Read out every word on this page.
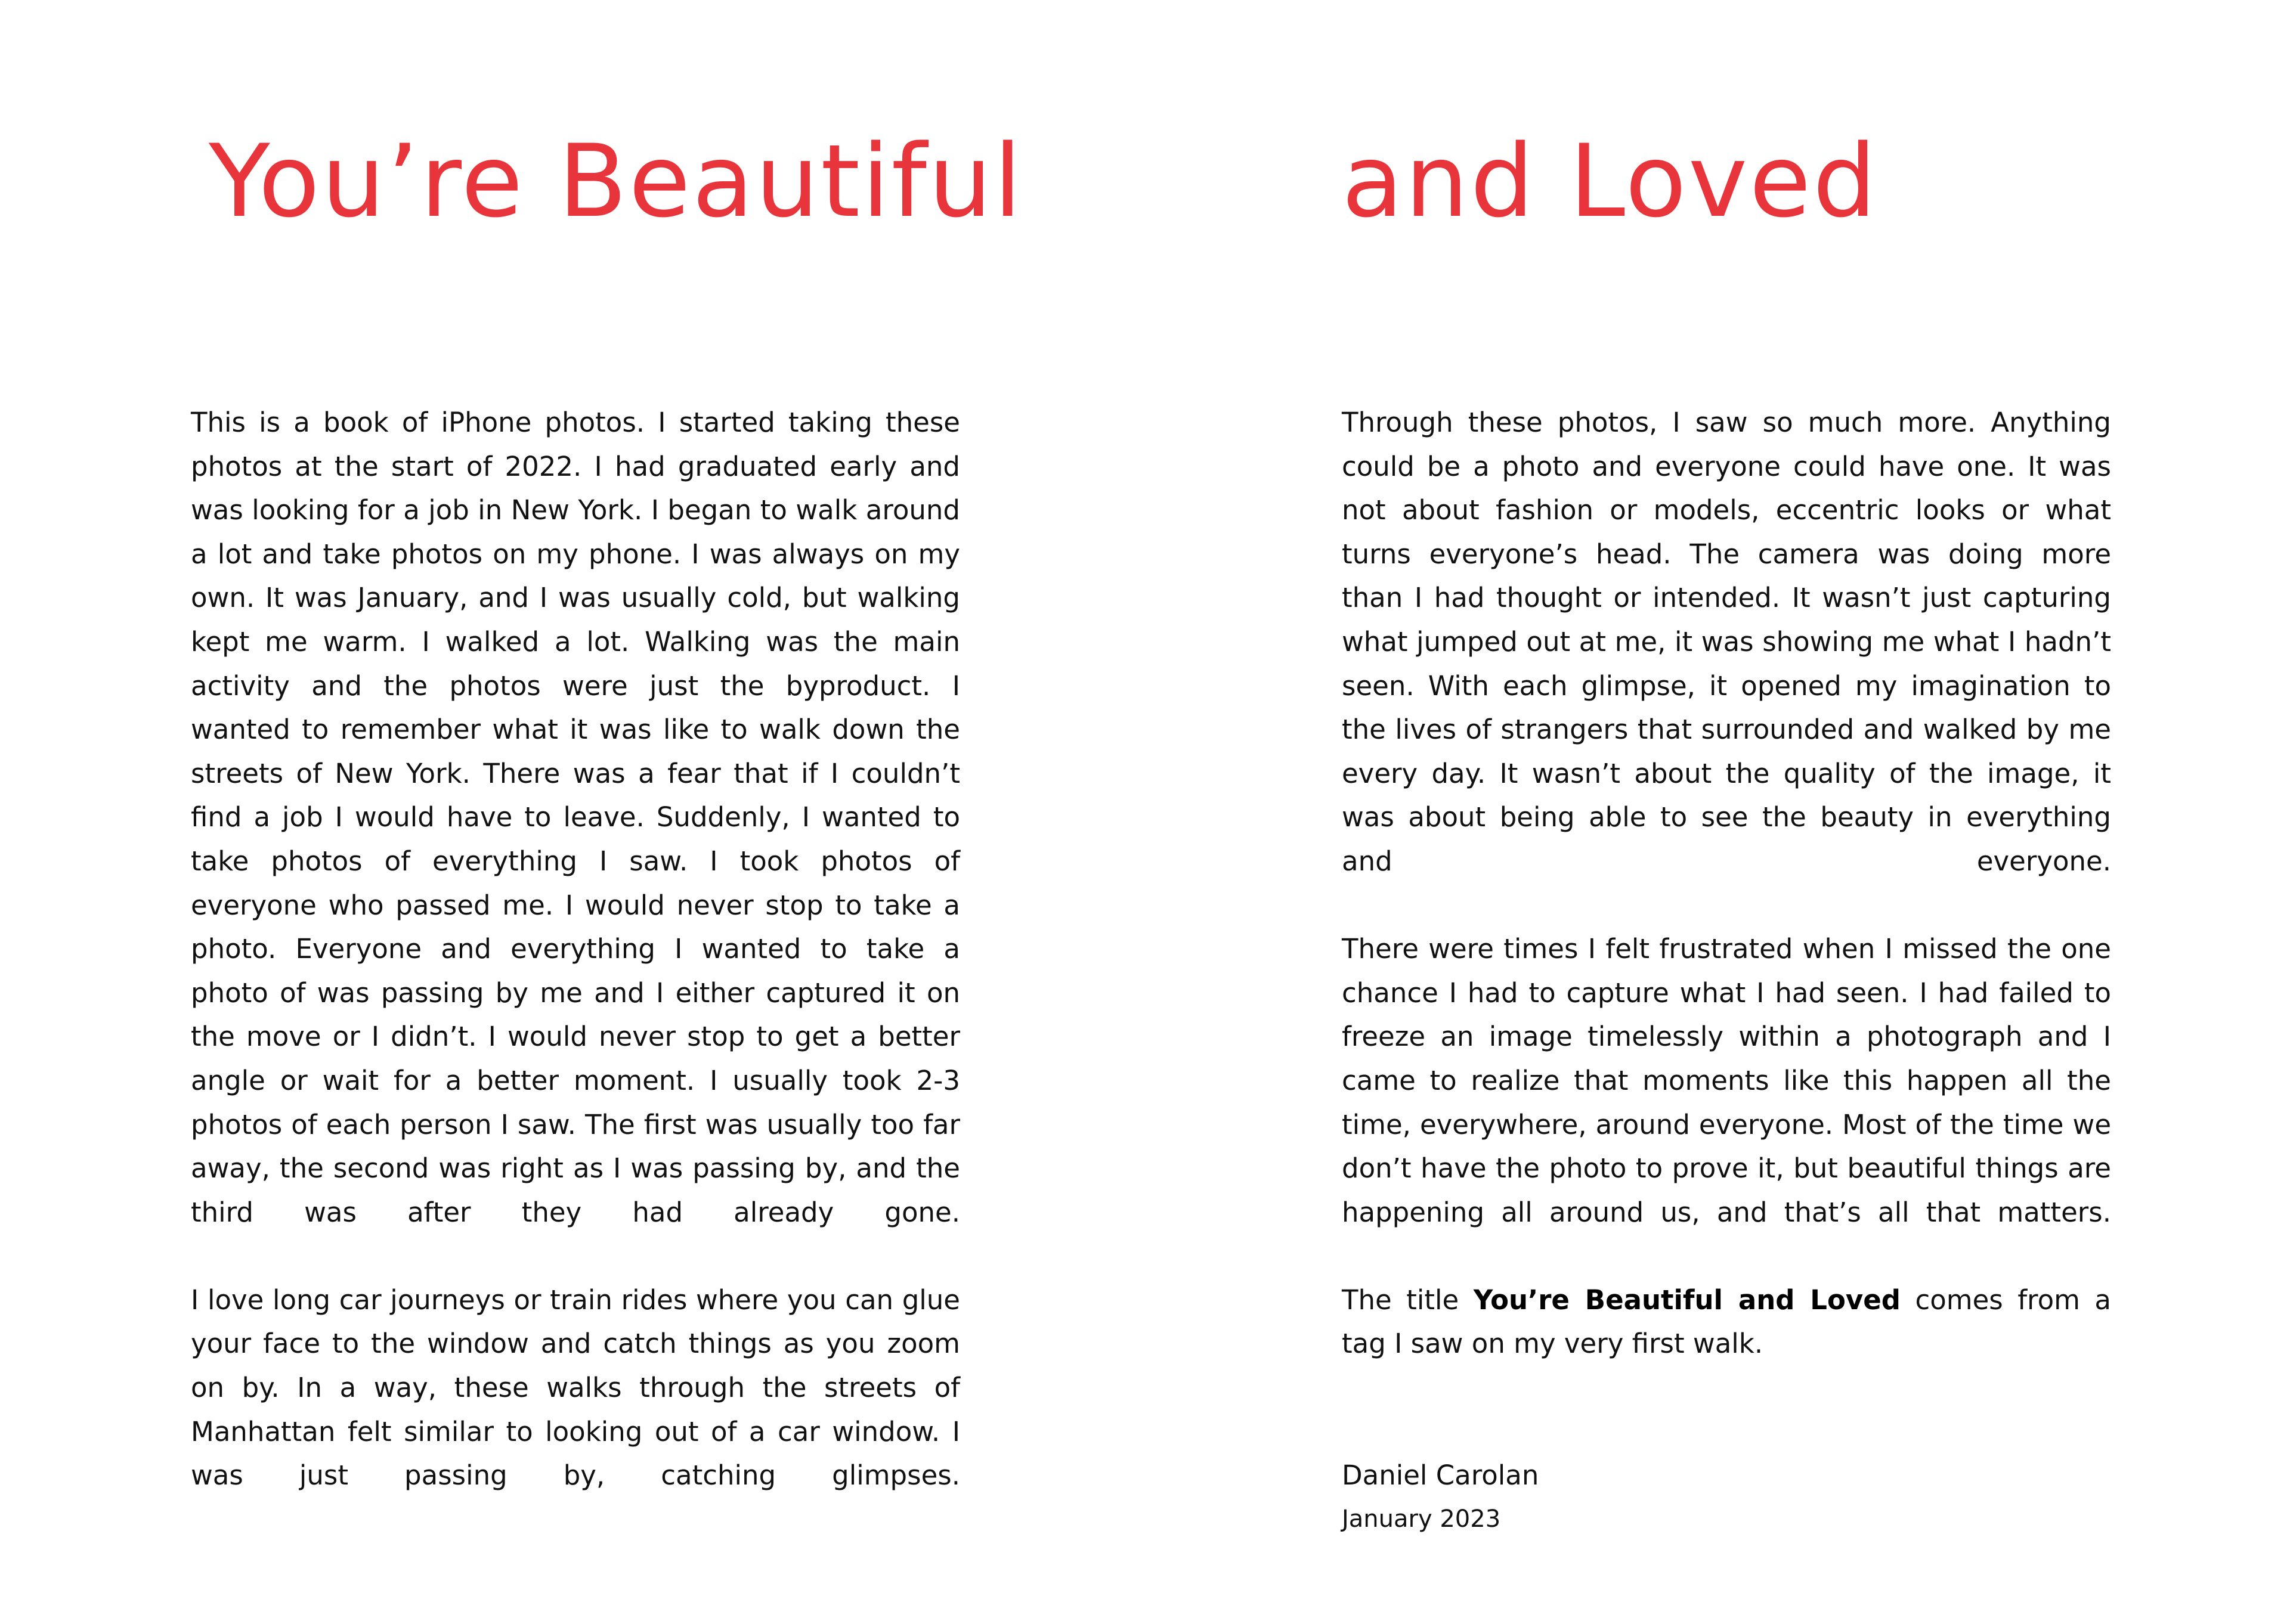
You’re Beautiful

This is a book of iPhone photos. I started taking these photos at the start of 2022. I had graduated early and was looking for a job in New York. I began to walk around a lot and take photos on my phone. I was always on my own. It was January, and I was usually cold, but walking kept me warm. I walked a lot. Walking was the main activity and the photos were just the byproduct. I wanted to remember what it was like to walk down the streets of New York. There was a fear that if I couldn’t find a job I would have to leave. Suddenly, I wanted to take photos of everything I saw. I took photos of everyone who passed me. I would never stop to take a photo. Everyone and everything I wanted to take a photo of was passing by me and I either captured it on the move or I didn’t. I would never stop to get a better angle or wait for a better moment. I usually took 2-3 photos of each person I saw. The first was usually too far away, the second was right as I was passing by, and the third was after they had already gone.

I love long car journeys or train rides where you can glue your face to the window and catch things as you zoom on by. In a way, these walks through the streets of Manhattan felt similar to looking out of a car window. I was just passing by, catching glimpses.

and Loved

Through these photos, I saw so much more. Anything could be a photo and everyone could have one. It was not about fashion or models, eccentric looks or what turns everyone’s head. The camera was doing more than I had thought or intended. It wasn’t just capturing what jumped out at me, it was showing me what I hadn’t seen. With each glimpse, it opened my imagination to the lives of strangers that surrounded and walked by me every day. It wasn’t about the quality of the image, it was about being able to see the beauty in everything and everyone.

There were times I felt frustrated when I missed the one chance I had to capture what I had seen. I had failed to freeze an image timelessly within a photograph and I came to realize that moments like this happen all the time, everywhere, around everyone. Most of the time we don’t have the photo to prove it, but beautiful things are happening all around us, and that’s all that matters.

The title You’re Beautiful and Loved comes from a tag I saw on my very first walk.

Daniel Carolan
January 2023
